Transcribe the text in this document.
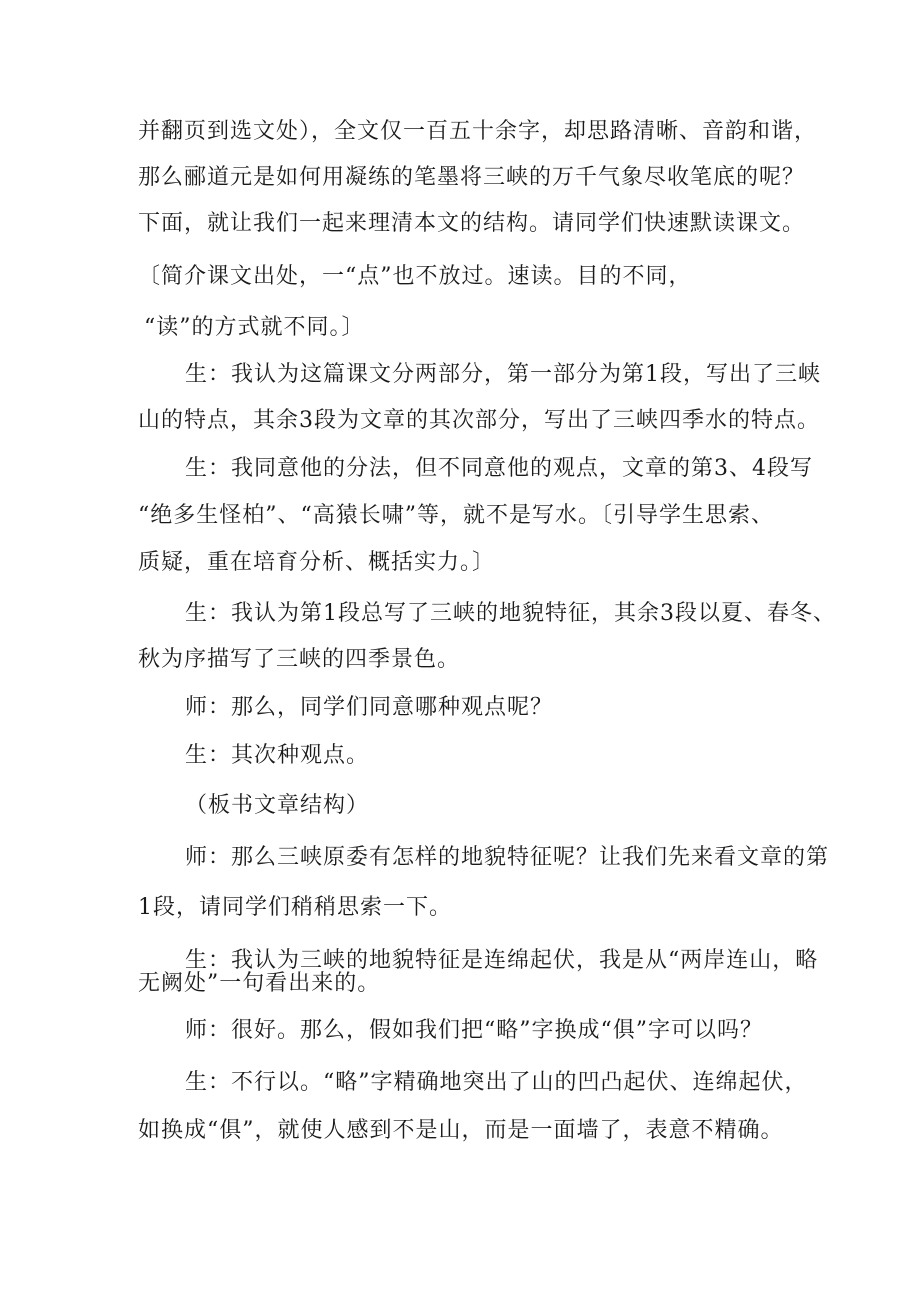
并翻页到选文处），全文仅一百五十余字，却思路清晰、音韵和谐，
那么郦道元是如何用凝练的笔墨将三峡的万千气象尽收笔底的呢？
下面，就让我们一起来理清本文的结构。请同学们快速默读课文。
〔简介课文出处，一“点”也不放过。速读。目的不同，
“读”的方式就不同。〕
生：我认为这篇课文分两部分，第一部分为第1段，写出了三峡
山的特点，其余3段为文章的其次部分，写出了三峡四季水的特点。
生：我同意他的分法，但不同意他的观点，文章的第3、4段写
“绝多生怪柏”、“高猿长啸”等，就不是写水。〔引导学生思索、
质疑，重在培育分析、概括实力。〕
生：我认为第1段总写了三峡的地貌特征，其余3段以夏、春冬、
秋为序描写了三峡的四季景色。
师：那么，同学们同意哪种观点呢？
生：其次种观点。
（板书文章结构）
师：那么三峡原委有怎样的地貌特征呢？让我们先来看文章的第
1段，请同学们稍稍思索一下。
生：我认为三峡的地貌特征是连绵起伏，我是从“两岸连山，略
无阙处”一句看出来的。
师：很好。那么，假如我们把“略”字换成“俱”字可以吗？
生：不行以。“略”字精确地突出了山的凹凸起伏、连绵起伏，
如换成“俱”，就使人感到不是山，而是一面墙了，表意不精确。
